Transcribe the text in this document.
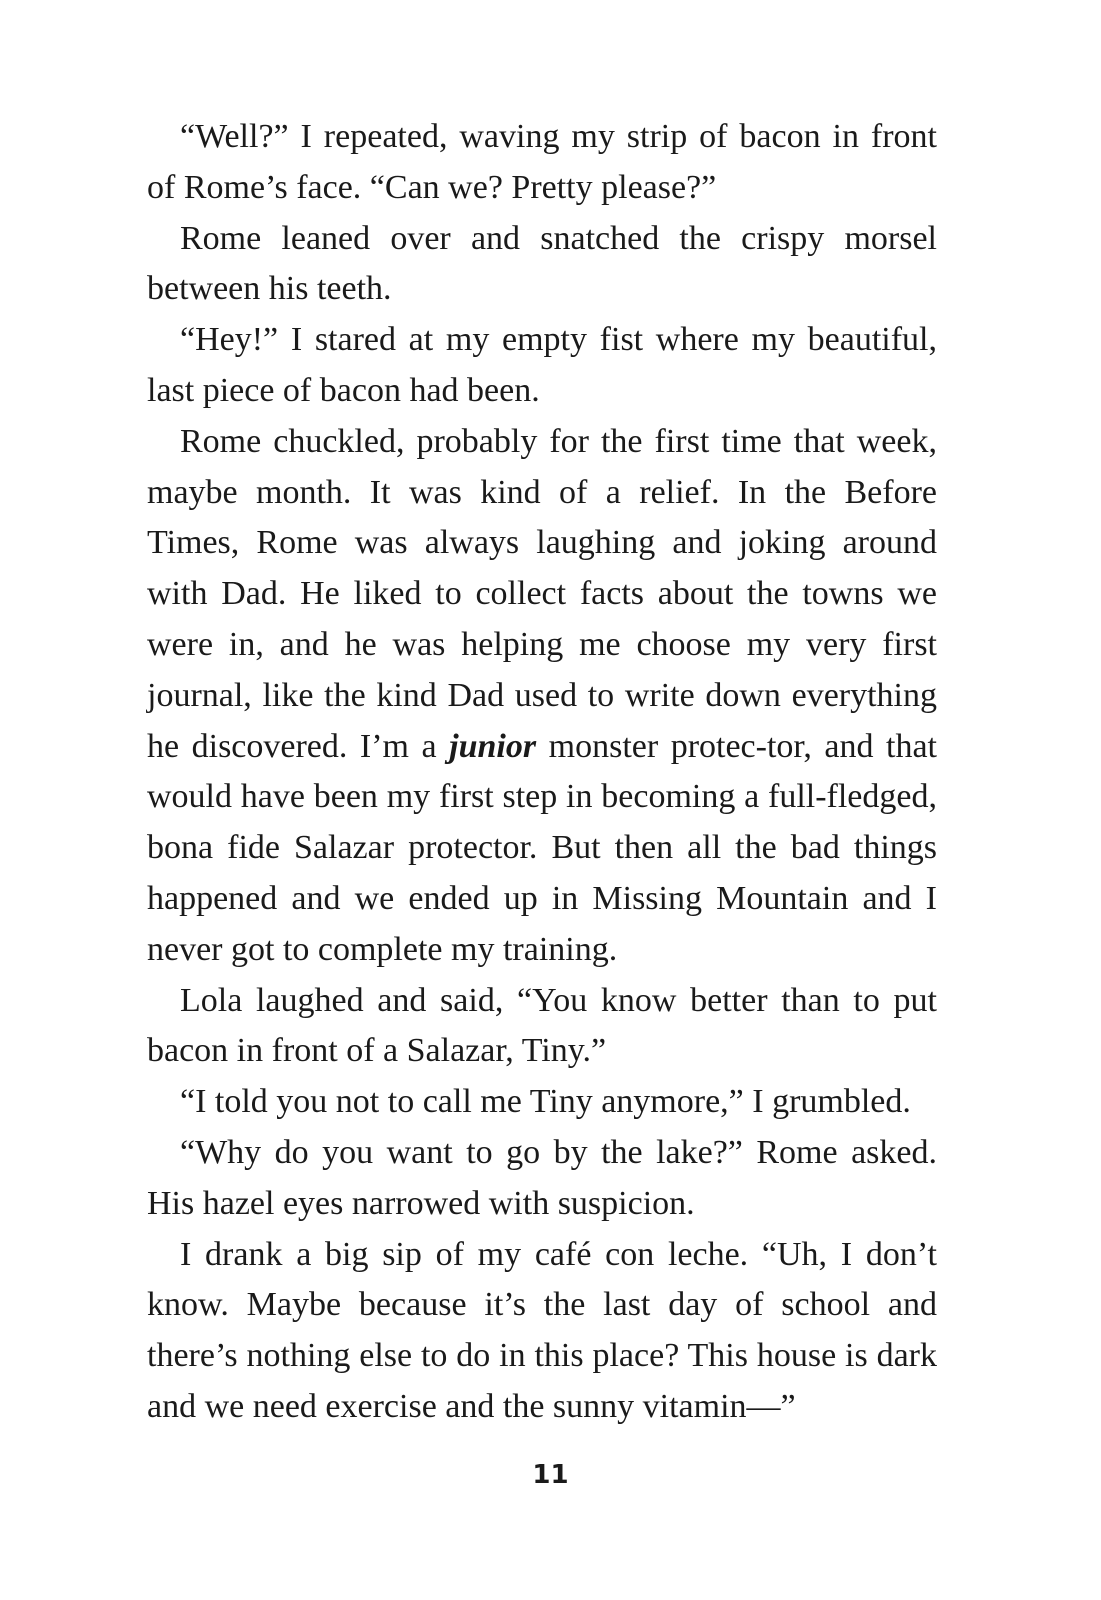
“Well?” I repeated, waving my strip of bacon in front of Rome’s face. “Can we? Pretty please?”

Rome leaned over and snatched the crispy morsel between his teeth.

“Hey!” I stared at my empty fist where my beautiful, last piece of bacon had been.

Rome chuckled, probably for the first time that week, maybe month. It was kind of a relief. In the Before Times, Rome was always laughing and joking around with Dad. He liked to collect facts about the towns we were in, and he was helping me choose my very first journal, like the kind Dad used to write down everything he discovered. I’m a junior monster protec-tor, and that would have been my first step in becoming a full-fledged, bona fide Salazar protector. But then all the bad things happened and we ended up in Missing Mountain and I never got to complete my training.

Lola laughed and said, “You know better than to put bacon in front of a Salazar, Tiny.”

“I told you not to call me Tiny anymore,” I grumbled.

“Why do you want to go by the lake?” Rome asked. His hazel eyes narrowed with suspicion.

I drank a big sip of my café con leche. “Uh, I don’t know. Maybe because it’s the last day of school and there’s nothing else to do in this place? This house is dark and we need exercise and the sunny vitamin—”

11
